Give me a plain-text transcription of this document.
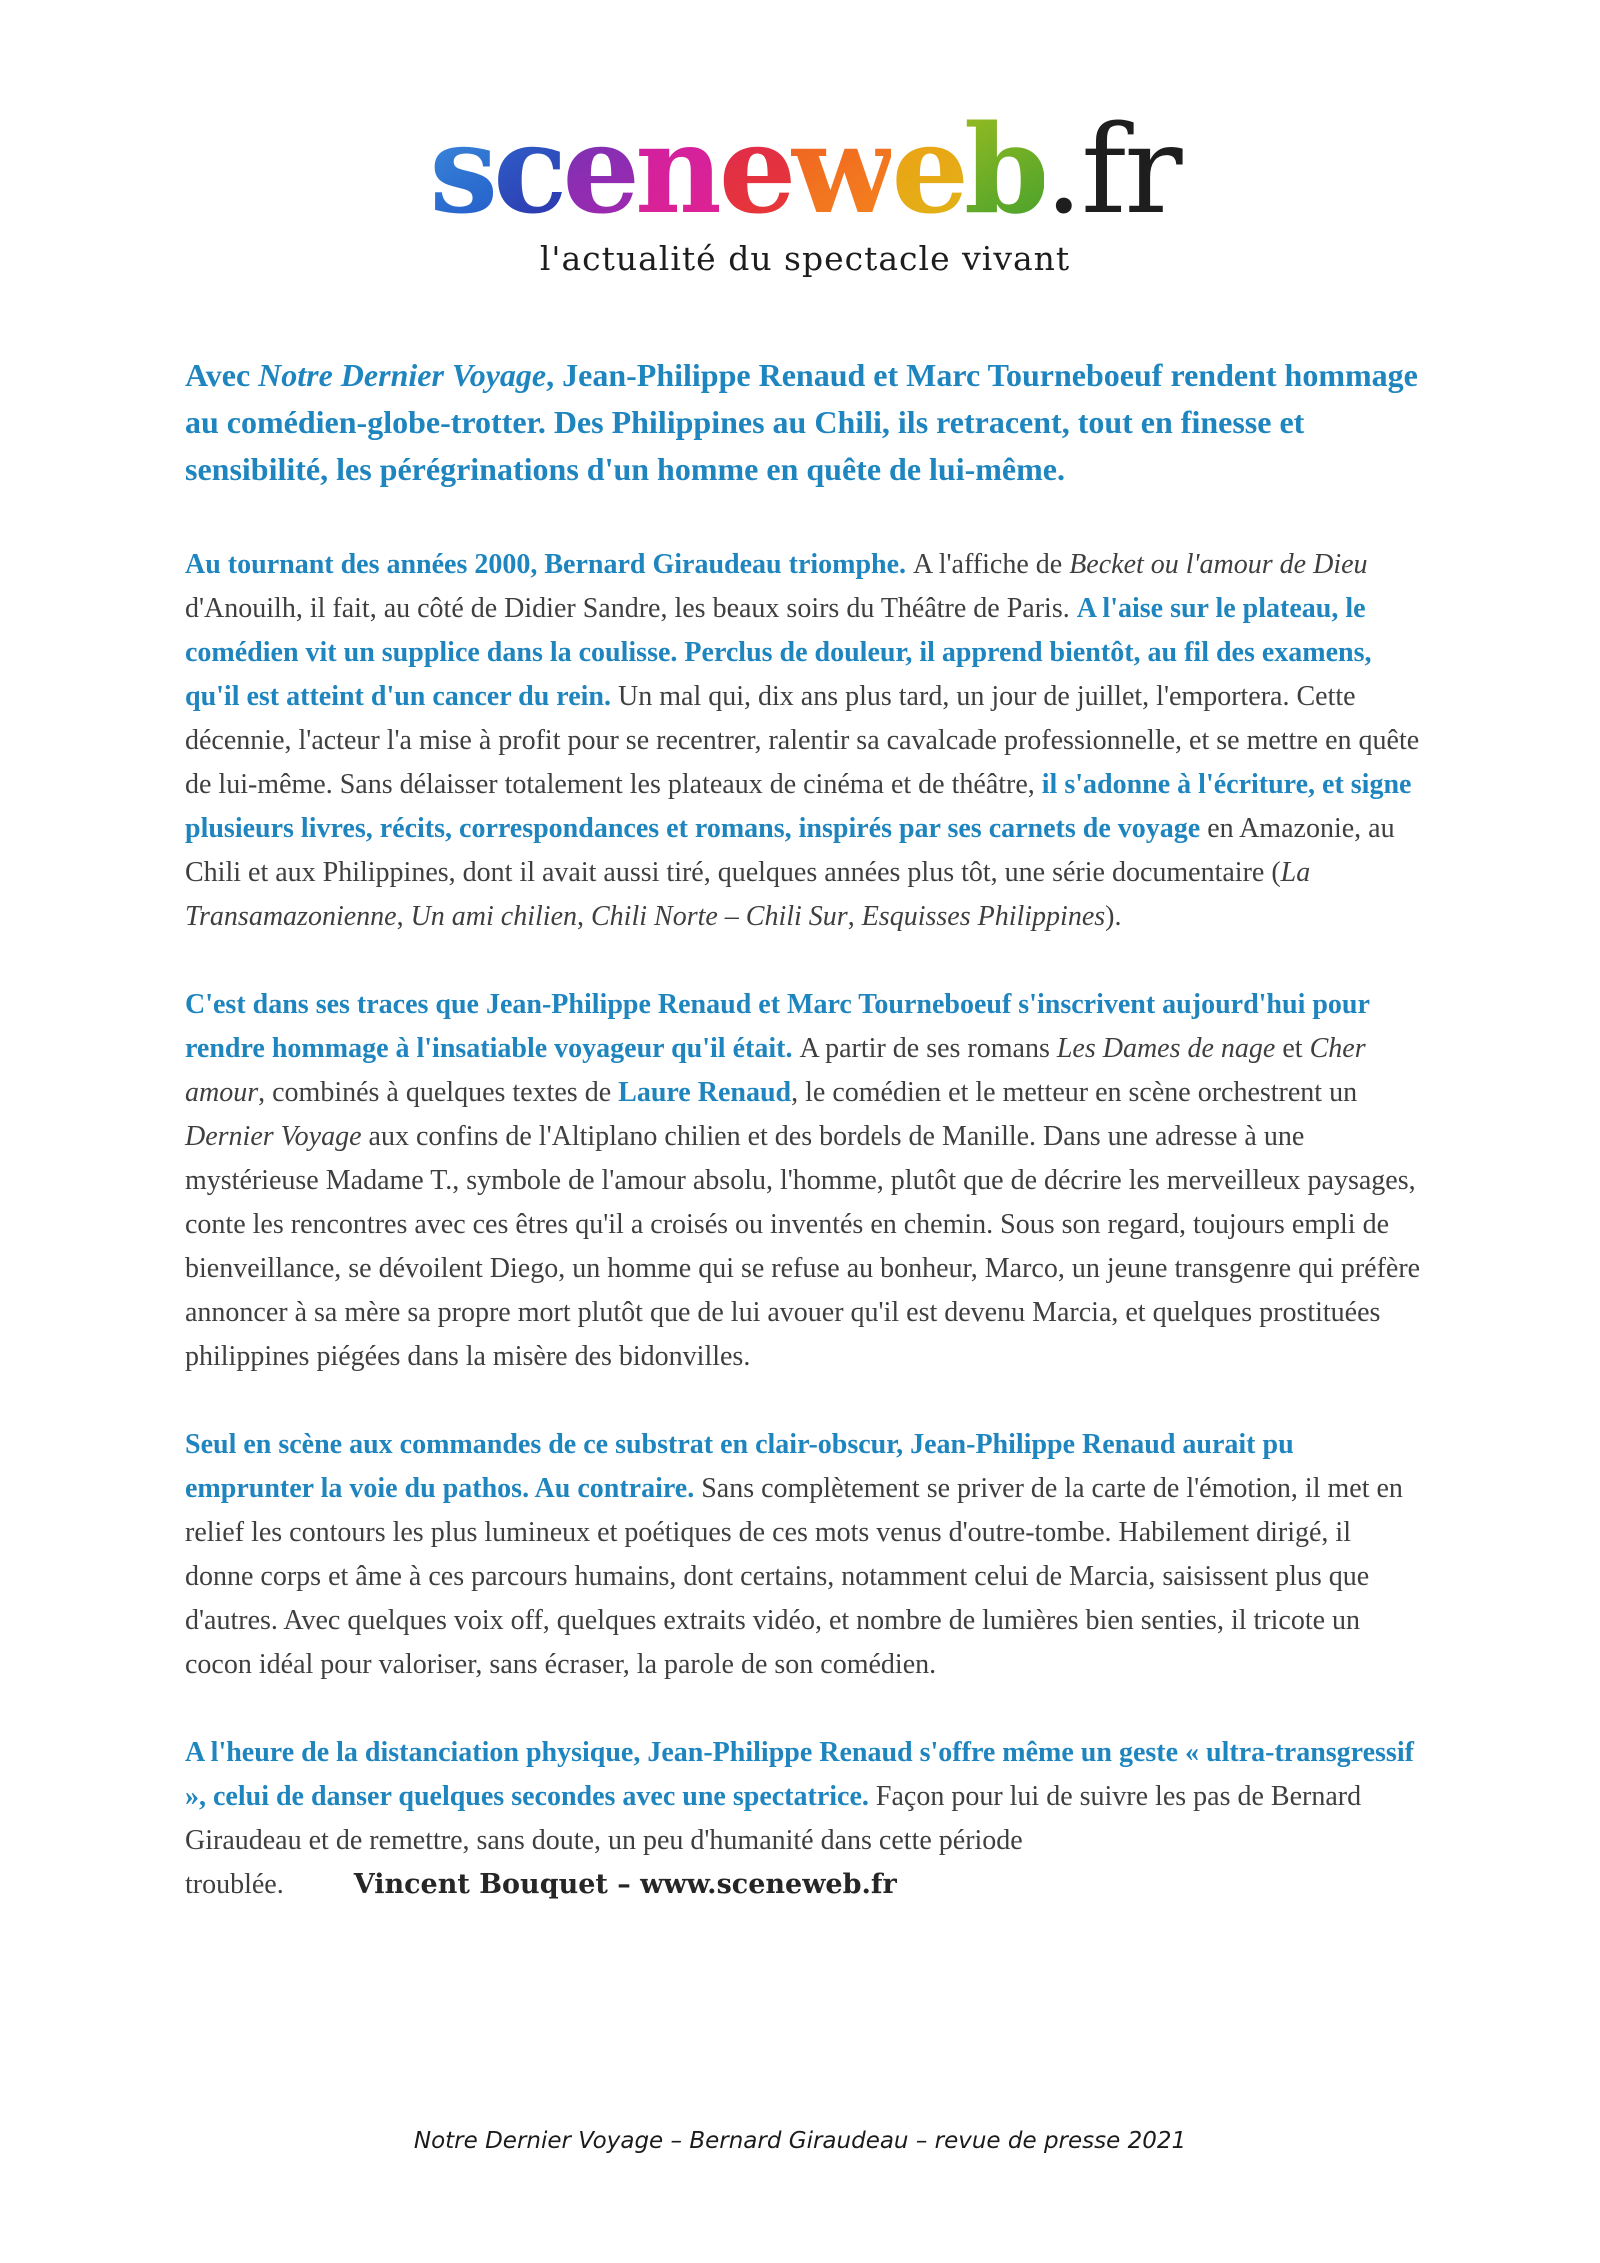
sceneweb.fr
l'actualité du spectacle vivant

Avec Notre Dernier Voyage, Jean-Philippe Renaud et Marc Tourneboeuf rendent hommage au comédien-globe-trotter. Des Philippines au Chili, ils retracent, tout en finesse et sensibilité, les pérégrinations d'un homme en quête de lui-même.

Au tournant des années 2000, Bernard Giraudeau triomphe. A l'affiche de Becket ou l'amour de Dieu d'Anouilh, il fait, au côté de Didier Sandre, les beaux soirs du Théâtre de Paris. A l'aise sur le plateau, le comédien vit un supplice dans la coulisse. Perclus de douleur, il apprend bientôt, au fil des examens, qu'il est atteint d'un cancer du rein. Un mal qui, dix ans plus tard, un jour de juillet, l'emportera. Cette décennie, l'acteur l'a mise à profit pour se recentrer, ralentir sa cavalcade professionnelle, et se mettre en quête de lui-même. Sans délaisser totalement les plateaux de cinéma et de théâtre, il s'adonne à l'écriture, et signe plusieurs livres, récits, correspondances et romans, inspirés par ses carnets de voyage en Amazonie, au Chili et aux Philippines, dont il avait aussi tiré, quelques années plus tôt, une série documentaire (La Transamazonienne, Un ami chilien, Chili Norte – Chili Sur, Esquisses Philippines).

C'est dans ses traces que Jean-Philippe Renaud et Marc Tourneboeuf s'inscrivent aujourd'hui pour rendre hommage à l'insatiable voyageur qu'il était. A partir de ses romans Les Dames de nage et Cher amour, combinés à quelques textes de Laure Renaud, le comédien et le metteur en scène orchestrent un Dernier Voyage aux confins de l'Altiplano chilien et des bordels de Manille. Dans une adresse à une mystérieuse Madame T., symbole de l'amour absolu, l'homme, plutôt que de décrire les merveilleux paysages, conte les rencontres avec ces êtres qu'il a croisés ou inventés en chemin. Sous son regard, toujours empli de bienveillance, se dévoilent Diego, un homme qui se refuse au bonheur, Marco, un jeune transgenre qui préfère annoncer à sa mère sa propre mort plutôt que de lui avouer qu'il est devenu Marcia, et quelques prostituées philippines piégées dans la misère des bidonvilles.

Seul en scène aux commandes de ce substrat en clair-obscur, Jean-Philippe Renaud aurait pu emprunter la voie du pathos. Au contraire. Sans complètement se priver de la carte de l'émotion, il met en relief les contours les plus lumineux et poétiques de ces mots venus d'outre-tombe. Habilement dirigé, il donne corps et âme à ces parcours humains, dont certains, notamment celui de Marcia, saisissent plus que d'autres. Avec quelques voix off, quelques extraits vidéo, et nombre de lumières bien senties, il tricote un cocon idéal pour valoriser, sans écraser, la parole de son comédien.

A l'heure de la distanciation physique, Jean-Philippe Renaud s'offre même un geste « ultra-transgressif », celui de danser quelques secondes avec une spectatrice. Façon pour lui de suivre les pas de Bernard Giraudeau et de remettre, sans doute, un peu d'humanité dans cette période troublée.	Vincent Bouquet – www.sceneweb.fr

Notre Dernier Voyage – Bernard Giraudeau – revue de presse 2021
